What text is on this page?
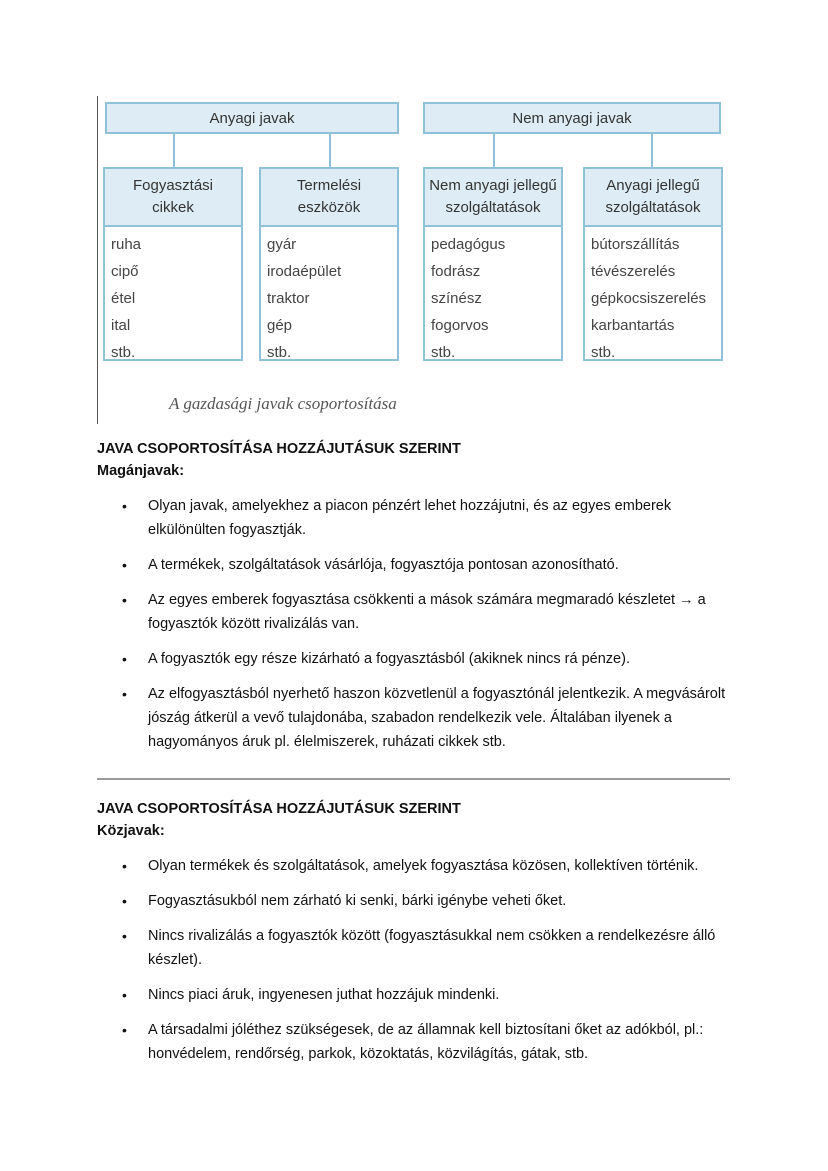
Anyagi javak	Nem anyagi javak
Fogyasztási
cikkek
ruha
cipő
étel
ital
stb.
Termelési
eszközök
gyár
irodaépület
traktor
gép
stb.
Nem anyagi jellegű
szolgáltatások
pedagógus
fodrász
színész
fogorvos
stb.
Anyagi jellegű
szolgáltatások
bútorszállítás
tévészerelés
gépkocsiszerelés
karbantartás
stb.
A gazdasági javak csoportosítása

JAVA CSOPORTOSÍTÁSA HOZZÁJUTÁSUK SZERINT

Magánjavak:

• Olyan javak, amelyekhez a piacon pénzért lehet hozzájutni, és az egyes emberek elkülönülten fogyasztják.
• A termékek, szolgáltatások vásárlója, fogyasztója pontosan azonosítható.
• Az egyes emberek fogyasztása csökkenti a mások számára megmaradó készletet → a fogyasztók között rivalizálás van.
• A fogyasztók egy része kizárható a fogyasztásból (akiknek nincs rá pénze).
• Az elfogyasztásból nyerhető haszon közvetlenül a fogyasztónál jelentkezik. A megvásárolt jószág átkerül a vevő tulajdonába, szabadon rendelkezik vele. Általában ilyenek a hagyományos áruk pl. élelmiszerek, ruházati cikkek stb.

JAVA CSOPORTOSÍTÁSA HOZZÁJUTÁSUK SZERINT

Közjavak:

• Olyan termékek és szolgáltatások, amelyek fogyasztása közösen, kollektíven történik.
• Fogyasztásukból nem zárható ki senki, bárki igénybe veheti őket.
• Nincs rivalizálás a fogyasztók között (fogyasztásukkal nem csökken a rendelkezésre álló készlet).
• Nincs piaci áruk, ingyenesen juthat hozzájuk mindenki.
• A társadalmi jóléthez szükségesek, de az államnak kell biztosítani őket az adókból, pl.: honvédelem, rendőrség, parkok, közoktatás, közvilágítás, gátak, stb.
